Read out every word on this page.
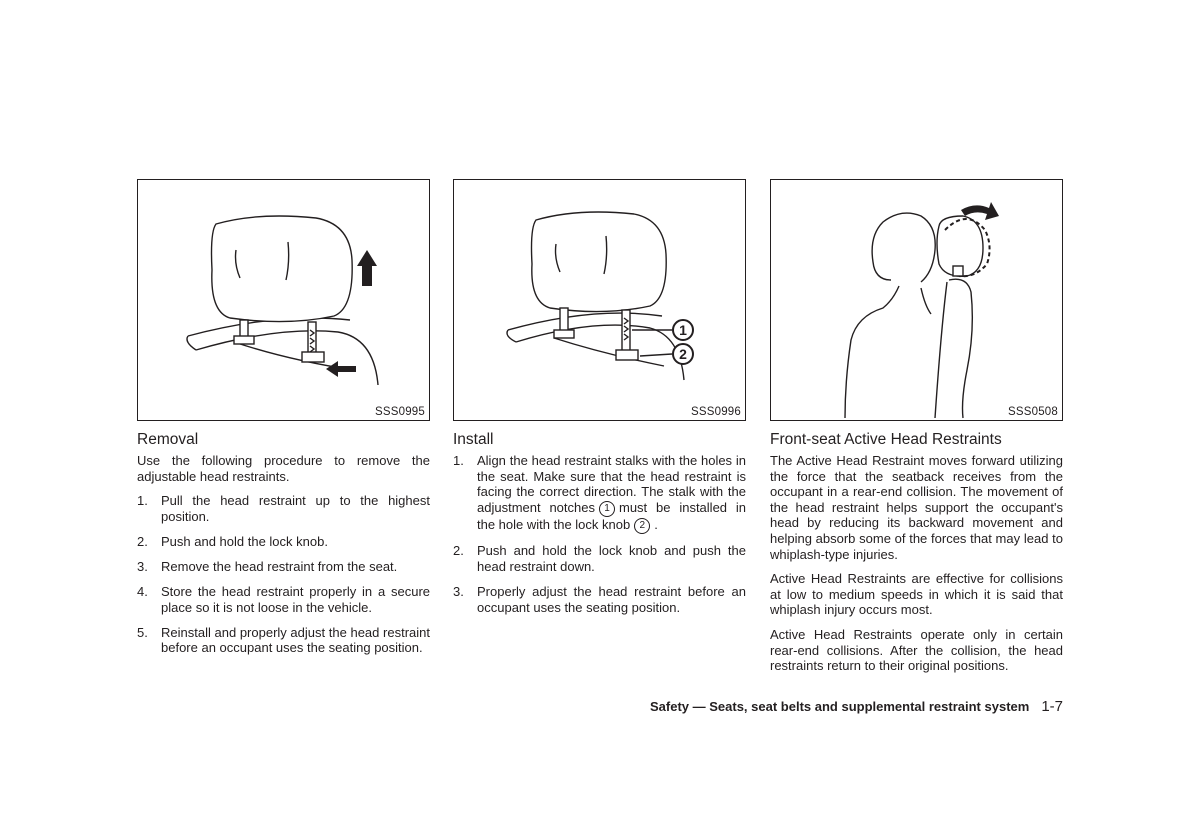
SSS0995
Removal

Use the following procedure to remove the adjustable head restraints.

1. Pull the head restraint up to the highest position.
2. Push and hold the lock knob.
3. Remove the head restraint from the seat.
4. Store the head restraint properly in a secure place so it is not loose in the vehicle.
5. Reinstall and properly adjust the head restraint before an occupant uses the seating position.
1
2
SSS0996
Install
1. Align the head restraint stalks with the holes in the seat. Make sure that the head restraint is facing the correct direction. The stalk with the adjustment notches 1 must be installed in the hole with the lock knob 2 .
2. Push and hold the lock knob and push the head restraint down.
3. Properly adjust the head restraint before an occupant uses the seating position.
SSS0508
Front-seat Active Head Restraints

The Active Head Restraint moves forward utilizing the force that the seatback receives from the occupant in a rear-end collision. The movement of the head restraint helps support the occupant's head by reducing its backward movement and helping absorb some of the forces that may lead to whiplash-type injuries.

Active Head Restraints are effective for collisions at low to medium speeds in which it is said that whiplash injury occurs most.

Active Head Restraints operate only in certain rear-end collisions. After the collision, the head restraints return to their original positions.

Safety — Seats, seat belts and supplemental restraint system 1-7
